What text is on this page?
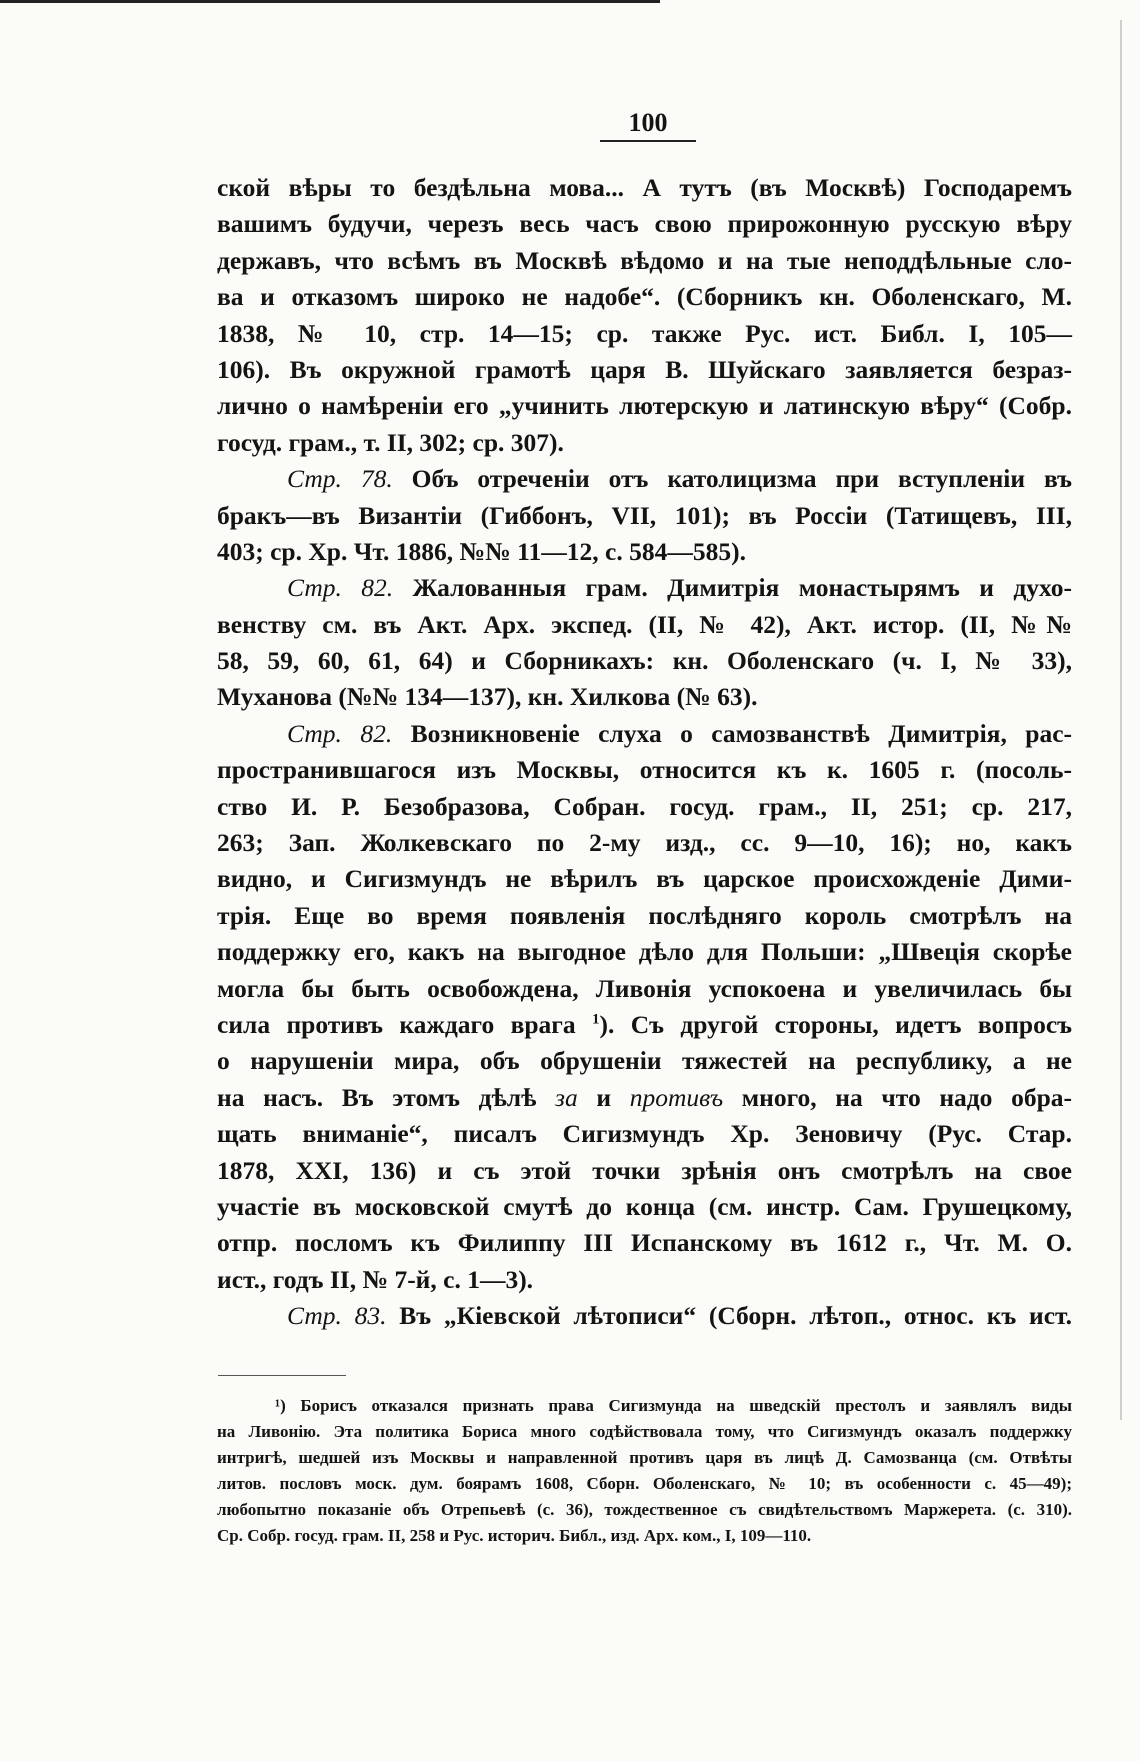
100
ской вѣры то бездѣльна мова... А тутъ (въ Москвѣ) Господаремъ
вашимъ будучи, черезъ весь часъ свою прирожонную русскую вѣру
державъ, что всѣмъ въ Москвѣ вѣдомо и на тые неподдѣльные сло-
ва и отказомъ широко не надобе“. (Сборникъ кн. Оболенскаго, М.
1838, № 10, стр. 14—15; ср. также Рус. ист. Библ. I, 105—
106). Въ окружной грамотѣ царя В. Шуйскаго заявляется безраз-
лично о намѣреніи его „учинить лютерскую и латинскую вѣру“ (Собр.
госуд. грам., т. II, 302; ср. 307).
Стр. 78. Объ отреченіи отъ католицизма при вступленіи въ
бракъ—въ Византіи (Гиббонъ, VII, 101); въ Россіи (Татищевъ, III,
403; ср. Хр. Чт. 1886, №№ 11—12, с. 584—585).
Стр. 82. Жалованныя грам. Димитрія монастырямъ и духо-
венству см. въ Акт. Арх. экспед. (II, № 42), Акт. истор. (II, №№
58, 59, 60, 61, 64) и Сборникахъ: кн. Оболенскаго (ч. I, № 33),
Муханова (№№ 134—137), кн. Хилкова (№ 63).
Стр. 82. Возникновеніе слуха о самозванствѣ Димитрія, рас-
пространившагося изъ Москвы, относится къ к. 1605 г. (посоль-
ство И. Р. Безобразова, Собран. госуд. грам., II, 251; ср. 217,
263; Зап. Жолкевскаго по 2-му изд., сс. 9—10, 16); но, какъ
видно, и Сигизмундъ не вѣрилъ въ царское происхожденіе Дими-
трія. Еще во время появленія послѣдняго король смотрѣлъ на
поддержку его, какъ на выгодное дѣло для Польши: „Швеція скорѣе
могла бы быть освобождена, Ливонія успокоена и увеличилась бы
сила противъ каждаго врага $^1$). Съ другой стороны, идетъ вопросъ
о нарушеніи мира, объ обрушеніи тяжестей на республику, а не
на насъ. Въ этомъ дѣлѣ за и противъ много, на что надо обра-
щать вниманіе“, писалъ Сигизмундъ Хр. Зеновичу (Рус. Стар.
1878, XXI, 136) и съ этой точки зрѣнія онъ смотрѣлъ на свое
участіе въ московской смутѣ до конца (см. инстр. Сам. Грушецкому,
отпр. посломъ къ Филиппу III Испанскому въ 1612 г., Чт. М. О.
ист., годъ II, № 7-й, с. 1—3).
Стр. 83. Въ „Кіевской лѣтописи“ (Сборн. лѣтоп., относ. къ ист.
¹) Борисъ отказался признать права Сигизмунда на шведскій престолъ и заявлялъ виды
на Ливонію. Эта политика Бориса много содѣйствовала тому, что Сигизмундъ оказалъ поддержку
интригѣ, шедшей изъ Москвы и направленной противъ царя въ лицѣ Д. Самозванца (см. Отвѣты
литов. пословъ моск. дум. боярамъ 1608, Сборн. Оболенскаго, № 10; въ особенности с. 45—49);
любопытно показаніе объ Отрепьевѣ (с. 36), тождественное съ свидѣтельствомъ Маржерета. (с. 310).
Ср. Собр. госуд. грам. II, 258 и Рус. историч. Библ., изд. Арх. ком., I, 109—110.
